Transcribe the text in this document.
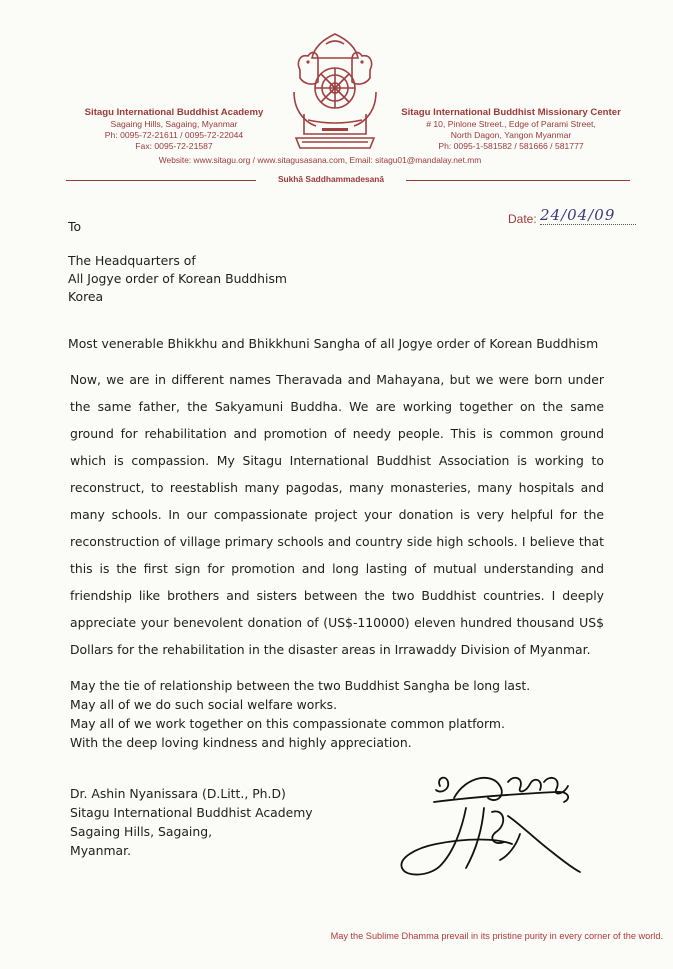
Sitagu International Buddhist Academy
Sagaing Hills, Sagaing, Myanmar
Ph: 0095-72-21611 / 0095-72-22044
Fax: 0095-72-21587
Sitagu International Buddhist Missionary Center
# 10, Pinlone Street., Edge of Parami Street,
North Dagon, Yangon Myanmar
Ph: 0095-1-581582 / 581666 / 581777
Website: www.sitagu.org / www.sitagusasana.com, Email: sitagu01@mandalay.net.mm
Sukhā Saddhammadesanā
To	Date: 24/04/09
The Headquarters of
All Jogye order of Korean Buddhism
Korea
Most venerable Bhikkhu and Bhikkhuni Sangha of all Jogye order of Korean Buddhism
Now, we are in different names Theravada and Mahayana, but we were born under the same father, the Sakyamuni Buddha. We are working together on the same ground for rehabilitation and promotion of needy people. This is common ground which is compassion. My Sitagu International Buddhist Association is working to reconstruct, to reestablish many pagodas, many monasteries, many hospitals and many schools. In our compassionate project your donation is very helpful for the reconstruction of village primary schools and country side high schools. I believe that this is the first sign for promotion and long lasting of mutual understanding and friendship like brothers and sisters between the two Buddhist countries. I deeply appreciate your benevolent donation of (US$-110000) eleven hundred thousand US$ Dollars for the rehabilitation in the disaster areas in Irrawaddy Division of Myanmar.
May the tie of relationship between the two Buddhist Sangha be long last.
May all of we do such social welfare works.
May all of we work together on this compassionate common platform.
With the deep loving kindness and highly appreciation.
Dr. Ashin Nyanissara (D.Litt., Ph.D)
Sitagu International Buddhist Academy
Sagaing Hills, Sagaing,
Myanmar.
May the Sublime Dhamma prevail in its pristine purity in every corner of the world.
